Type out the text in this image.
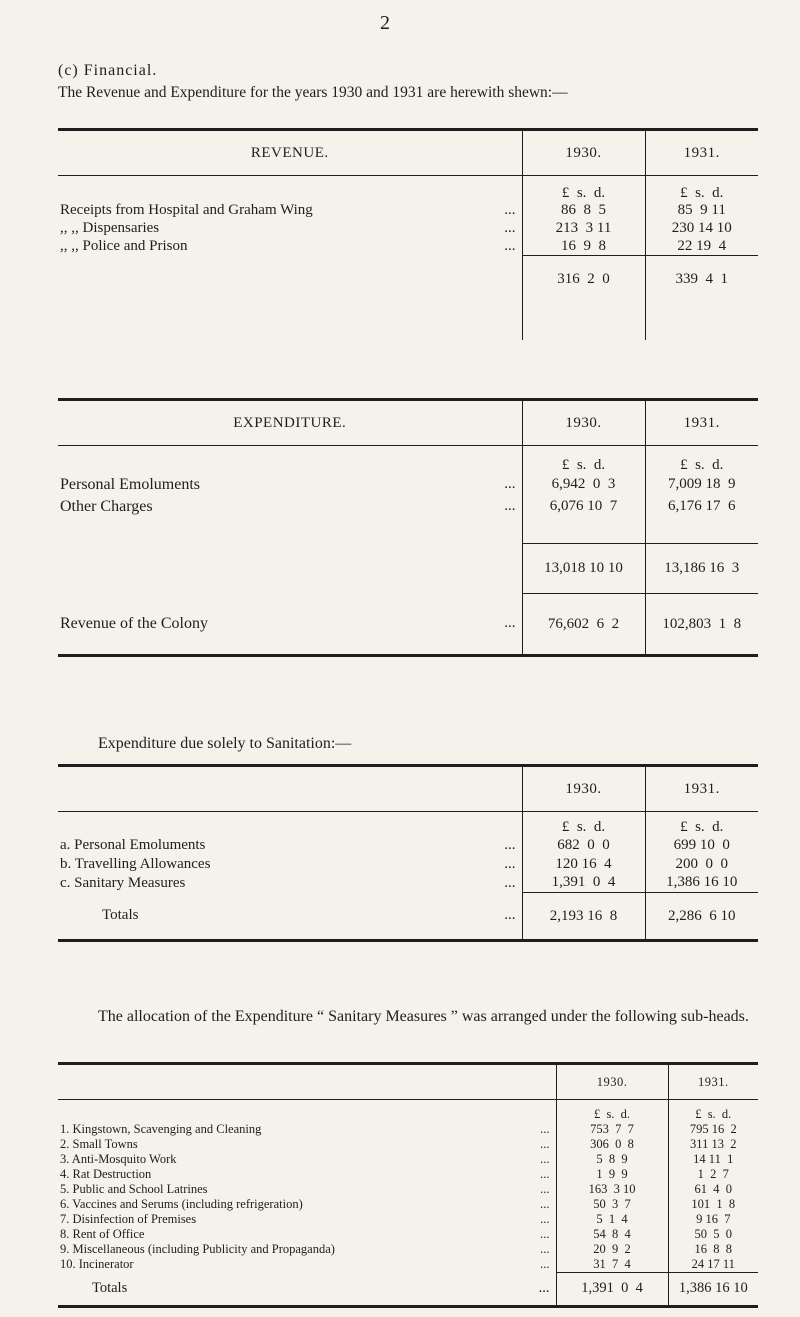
2
(c) Financial.
The Revenue and Expenditure for the years 1930 and 1931 are herewith shewn:—
REVENUE.		1930.	1931.
		£  s.  d.	£  s.  d.
Receipts from Hospital and Graham Wing	...	86  8  5	85  9 11
,, ,, Dispensaries	...	213  3 11	230 14 10
,, ,, Police and Prison	...	16  9  8	22 19  4
		316  2  0	339  4  1

EXPENDITURE.		1930.	1931.
		£  s.  d.	£  s.  d.
Personal Emoluments	...	6,942  0  3	7,009 18  9
Other Charges	...	6,076 10  7	6,176 17  6

		13,018 10 10	13,186 16  3
Revenue of the Colony	...	76,602  6  2	102,803  1  8
Expenditure due solely to Sanitation:—
		1930.	1931.
		£  s.  d.	£  s.  d.
a. Personal Emoluments	...	682  0  0	699 10  0
b. Travelling Allowances	...	120 16  4	200  0  0
c. Sanitary Measures	...	1,391  0  4	1,386 16 10
Totals	...	2,193 16  8	2,286  6 10
The allocation of the Expenditure “ Sanitary Measures ” was arranged under the following sub-heads.
		1930.	1931.
		£  s.  d.	£  s.  d.
1. Kingstown, Scavenging and Cleaning	...	753  7  7	795 16  2
2. Small Towns	...	306  0  8	311 13  2
3. Anti-Mosquito Work	...	5  8  9	14 11  1
4. Rat Destruction	...	1  9  9	1  2  7
5. Public and School Latrines	...	163  3 10	61  4  0
6. Vaccines and Serums (including refrigeration)	...	50  3  7	101  1  8
7. Disinfection of Premises	...	5  1  4	9 16  7
8. Rent of Office	...	54  8  4	50  5  0
9. Miscellaneous (including Publicity and Propaganda)	...	20  9  2	16  8  8
10. Incinerator	...	31  7  4	24 17 11
Totals	...	1,391  0  4	1,386 16 10
